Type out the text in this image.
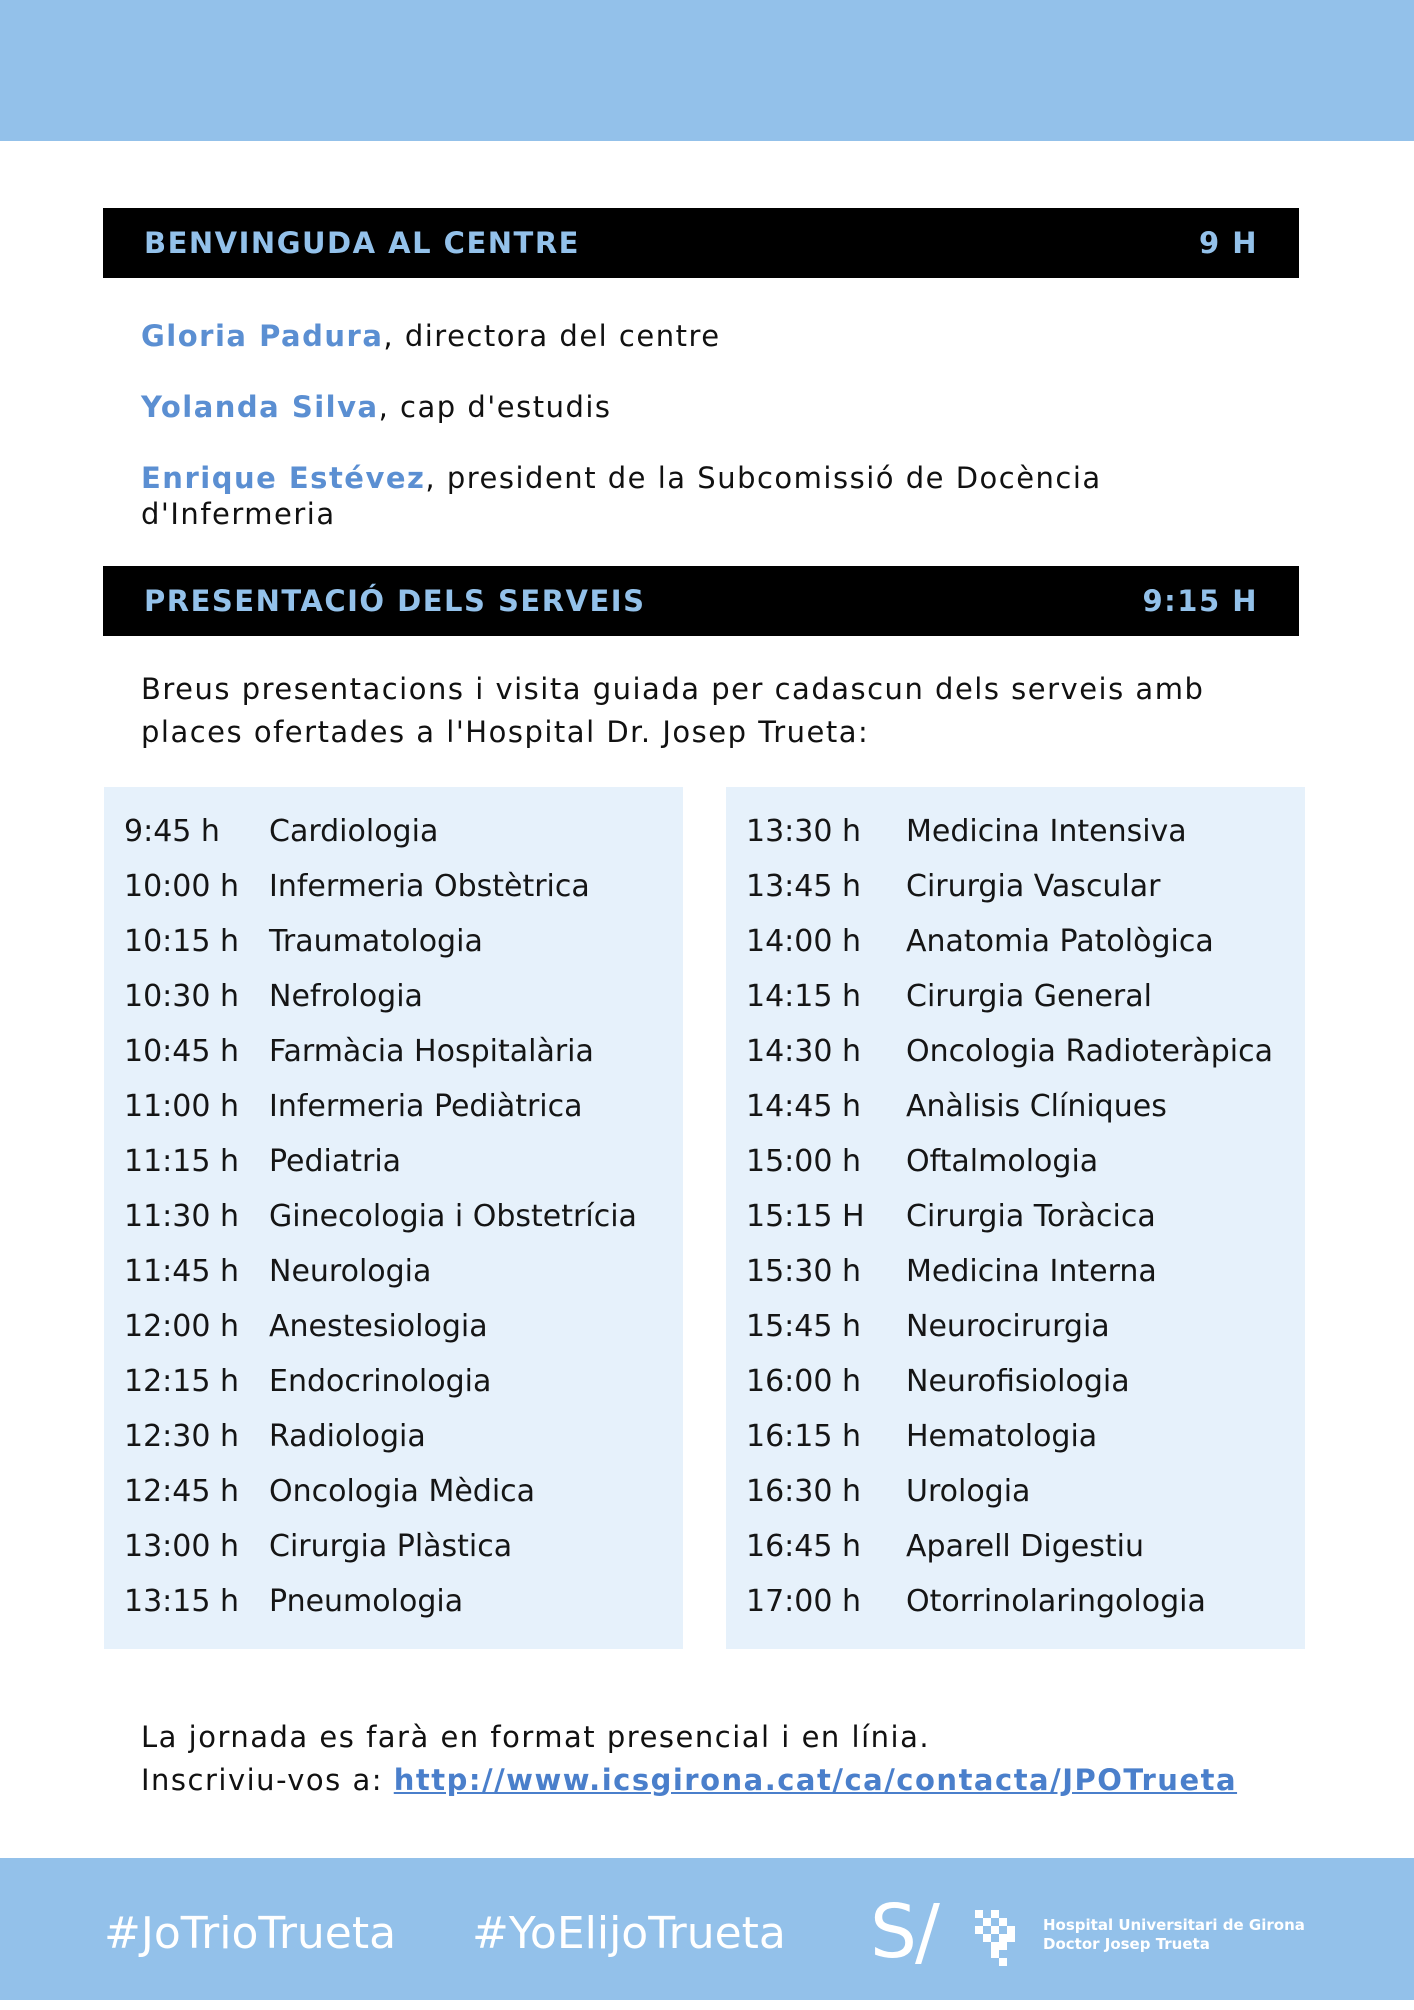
BENVINGUDA AL CENTRE	9 H
Gloria Padura, directora del centre
Yolanda Silva, cap d'estudis
Enrique Estévez, president de la Subcomissió de Docència d'Infermeria
PRESENTACIÓ DELS SERVEIS	9:15 H
Breus presentacions i visita guiada per cadascun dels serveis amb places ofertades a l'Hospital Dr. Josep Trueta:
9:45 h Cardiologia
10:00 h Infermeria Obstètrica
10:15 h Traumatologia
10:30 h Nefrologia
10:45 h Farmàcia Hospitalària
11:00 h Infermeria Pediàtrica
11:15 h Pediatria
11:30 h Ginecologia i Obstetrícia
11:45 h Neurologia
12:00 h Anestesiologia
12:15 h Endocrinologia
12:30 h Radiologia
12:45 h Oncologia Mèdica
13:00 h Cirurgia Plàstica
13:15 h Pneumologia
13:30 h Medicina Intensiva
13:45 h Cirurgia Vascular
14:00 h Anatomia Patològica
14:15 h Cirurgia General
14:30 h Oncologia Radioteràpica
14:45 h Anàlisis Clíniques
15:00 h Oftalmologia
15:15 H Cirurgia Toràcica
15:30 h Medicina Interna
15:45 h Neurocirurgia
16:00 h Neurofisiologia
16:15 h Hematologia
16:30 h Urologia
16:45 h Aparell Digestiu
17:00 h Otorrinolaringologia
La jornada es farà en format presencial i en línia.
Inscriviu-vos a: http://www.icsgirona.cat/ca/contacta/JPOTrueta
#JoTrioTrueta #YoElijoTrueta S/	Hospital Universitari de Girona
Doctor Josep Trueta
